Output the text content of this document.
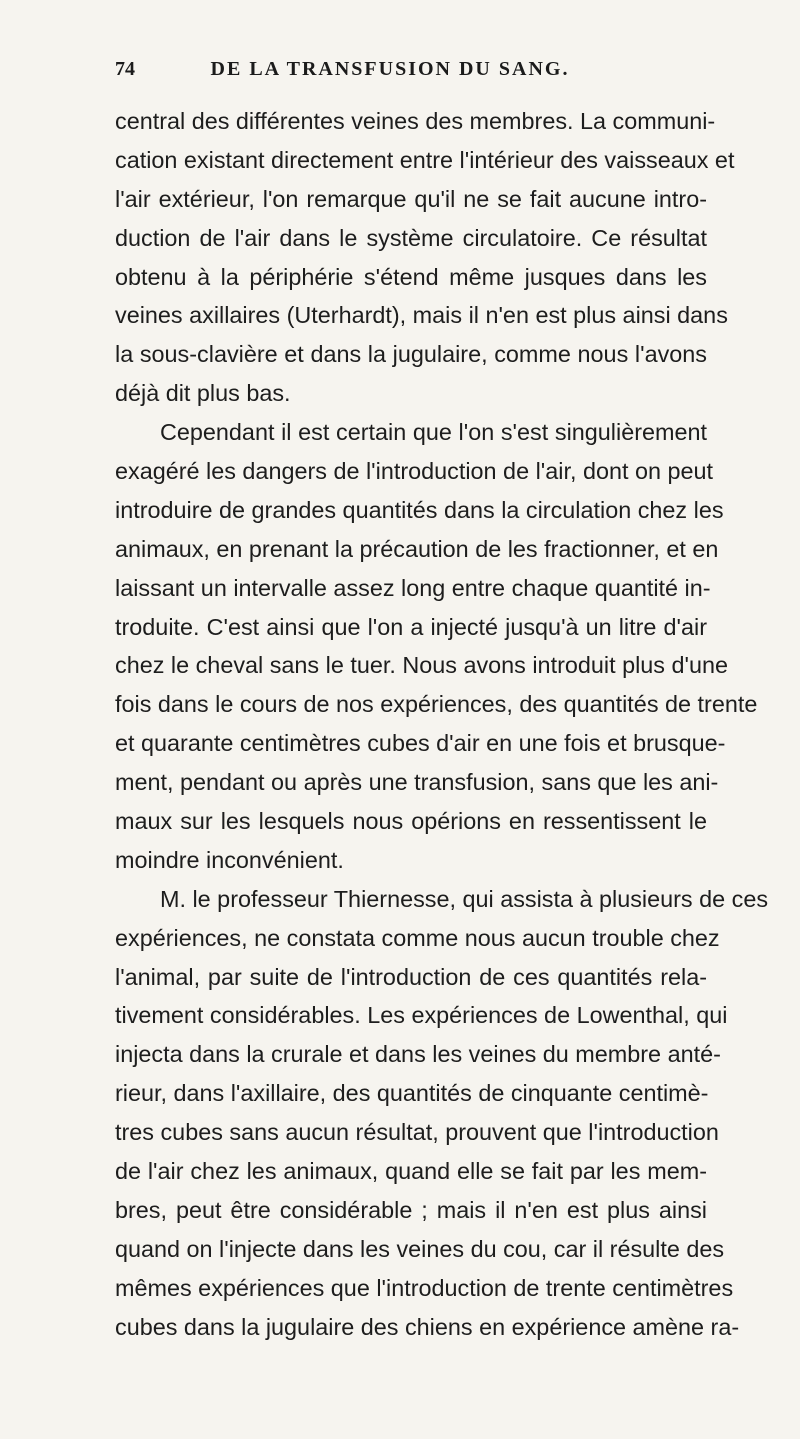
74	DE LA TRANSFUSION DU SANG.
central des différentes veines des membres. La communi-
cation existant directement entre l'intérieur des vaisseaux et
l'air extérieur, l'on remarque qu'il ne se fait aucune intro-
duction de l'air dans le système circulatoire. Ce résultat
obtenu à la périphérie s'étend même jusques dans les
veines axillaires (Uterhardt), mais il n'en est plus ainsi dans
la sous-clavière et dans la jugulaire, comme nous l'avons
déjà dit plus bas.
Cependant il est certain que l'on s'est singulièrement
exagéré les dangers de l'introduction de l'air, dont on peut
introduire de grandes quantités dans la circulation chez les
animaux, en prenant la précaution de les fractionner, et en
laissant un intervalle assez long entre chaque quantité in-
troduite. C'est ainsi que l'on a injecté jusqu'à un litre d'air
chez le cheval sans le tuer. Nous avons introduit plus d'une
fois dans le cours de nos expériences, des quantités de trente
et quarante centimètres cubes d'air en une fois et brusque-
ment, pendant ou après une transfusion, sans que les ani-
maux sur les lesquels nous opérions en ressentissent le
moindre inconvénient.
M. le professeur Thiernesse, qui assista à plusieurs de ces
expériences, ne constata comme nous aucun trouble chez
l'animal, par suite de l'introduction de ces quantités rela-
tivement considérables. Les expériences de Lowenthal, qui
injecta dans la crurale et dans les veines du membre anté-
rieur, dans l'axillaire, des quantités de cinquante centimè-
tres cubes sans aucun résultat, prouvent que l'introduction
de l'air chez les animaux, quand elle se fait par les mem-
bres, peut être considérable ; mais il n'en est plus ainsi
quand on l'injecte dans les veines du cou, car il résulte des
mêmes expériences que l'introduction de trente centimètres
cubes dans la jugulaire des chiens en expérience amène ra-
